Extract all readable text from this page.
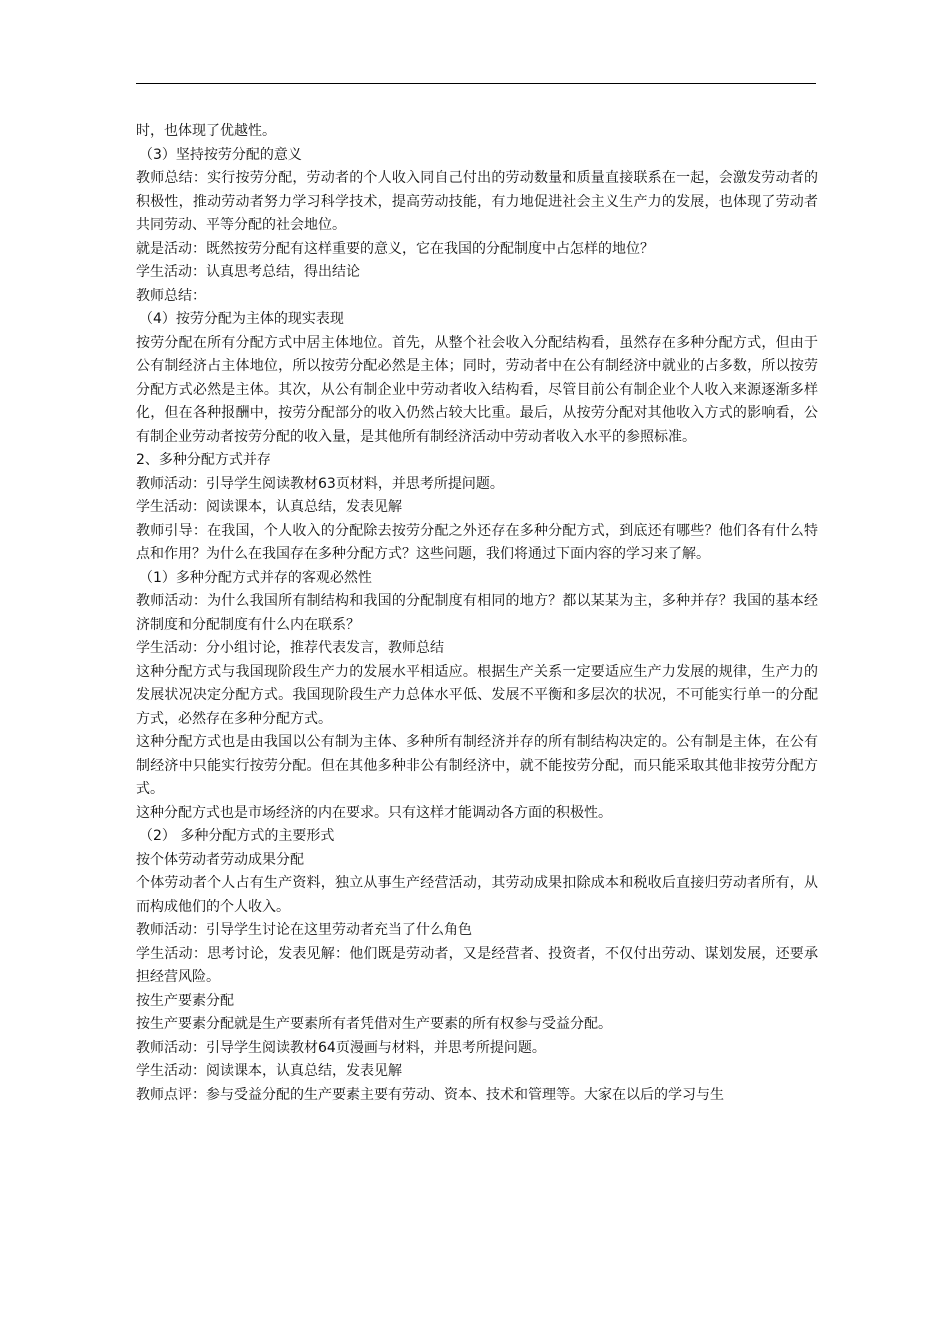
时，也体现了优越性。

（3）坚持按劳分配的意义

教师总结：实行按劳分配，劳动者的个人收入同自己付出的劳动数量和质量直接联系在一起，会激发劳动者的积极性，推动劳动者努力学习科学技术，提高劳动技能，有力地促进社会主义生产力的发展，也体现了劳动者共同劳动、平等分配的社会地位。

就是活动：既然按劳分配有这样重要的意义，它在我国的分配制度中占怎样的地位？

学生活动：认真思考总结，得出结论

教师总结：

（4）按劳分配为主体的现实表现

按劳分配在所有分配方式中居主体地位。首先，从整个社会收入分配结构看，虽然存在多种分配方式，但由于公有制经济占主体地位，所以按劳分配必然是主体；同时，劳动者中在公有制经济中就业的占多数，所以按劳分配方式必然是主体。其次，从公有制企业中劳动者收入结构看，尽管目前公有制企业个人收入来源逐渐多样化，但在各种报酬中，按劳分配部分的收入仍然占较大比重。最后，从按劳分配对其他收入方式的影响看，公有制企业劳动者按劳分配的收入量，是其他所有制经济活动中劳动者收入水平的参照标准。

2、多种分配方式并存

教师活动：引导学生阅读教材63页材料，并思考所提问题。

学生活动：阅读课本，认真总结，发表见解

教师引导：在我国，个人收入的分配除去按劳分配之外还存在多种分配方式，到底还有哪些？他们各有什么特点和作用？为什么在我国存在多种分配方式？这些问题，我们将通过下面内容的学习来了解。

（1）多种分配方式并存的客观必然性

教师活动：为什么我国所有制结构和我国的分配制度有相同的地方？都以某某为主，多种并存？我国的基本经济制度和分配制度有什么内在联系？

学生活动：分小组讨论，推荐代表发言，教师总结

这种分配方式与我国现阶段生产力的发展水平相适应。根据生产关系一定要适应生产力发展的规律，生产力的发展状况决定分配方式。我国现阶段生产力总体水平低、发展不平衡和多层次的状况，不可能实行单一的分配方式，必然存在多种分配方式。

这种分配方式也是由我国以公有制为主体、多种所有制经济并存的所有制结构决定的。公有制是主体，在公有制经济中只能实行按劳分配。但在其他多种非公有制经济中，就不能按劳分配，而只能采取其他非按劳分配方式。

这种分配方式也是市场经济的内在要求。只有这样才能调动各方面的积极性。

（2） 多种分配方式的主要形式

按个体劳动者劳动成果分配

个体劳动者个人占有生产资料，独立从事生产经营活动，其劳动成果扣除成本和税收后直接归劳动者所有，从而构成他们的个人收入。

教师活动：引导学生讨论在这里劳动者充当了什么角色

学生活动：思考讨论，发表见解：他们既是劳动者，又是经营者、投资者，不仅付出劳动、谋划发展，还要承担经营风险。

按生产要素分配

按生产要素分配就是生产要素所有者凭借对生产要素的所有权参与受益分配。

教师活动：引导学生阅读教材64页漫画与材料，并思考所提问题。

学生活动：阅读课本，认真总结，发表见解

教师点评：参与受益分配的生产要素主要有劳动、资本、技术和管理等。大家在以后的学习与生
